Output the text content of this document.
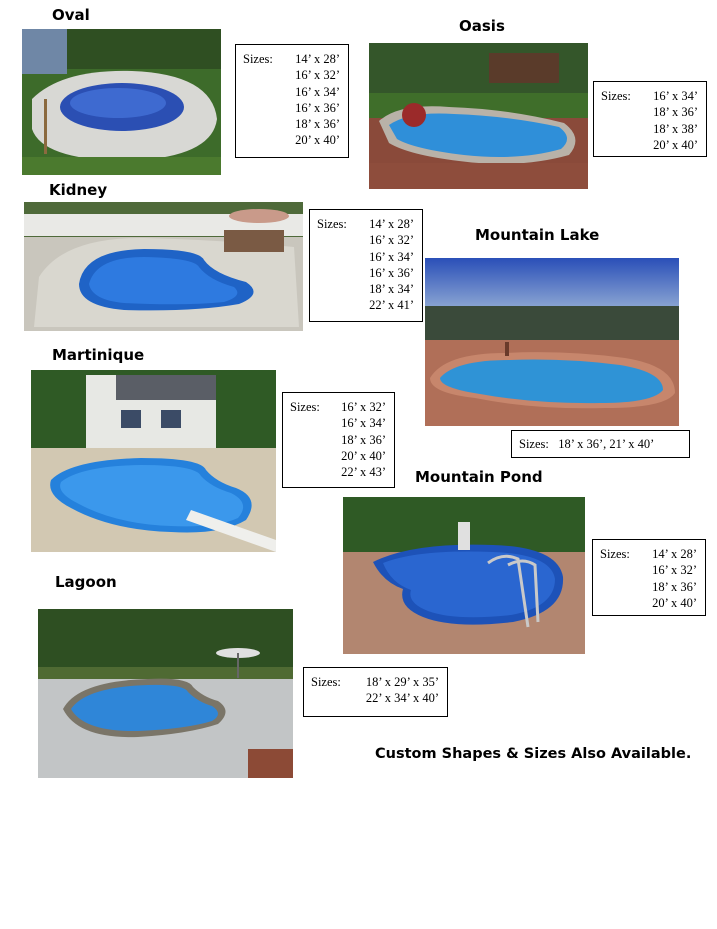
Oval
Sizes: 14’ x 28’
16’ x 32’
16’ x 34’
16’ x 36’
18’ x 36’
20’ x 40’
Oasis
Sizes: 16’ x 34’
18’ x 36’
18’ x 38’
20’ x 40’
Kidney
Sizes: 14’ x 28’
16’ x 32’
16’ x 34’
16’ x 36’
18’ x 34’
22’ x 41’
Mountain Lake
Sizes: 18’ x 36’, 21’ x 40’
Martinique
Sizes: 16’ x 32’
16’ x 34’
18’ x 36’
20’ x 40’
22’ x 43’ Mountain Pond
Sizes: 14’ x 28’
16’ x 32’
18’ x 36’
20’ x 40’
Lagoon
Sizes: 18’ x 29’ x 35’
22’ x 34’ x 40’
Custom Shapes & Sizes Also Available.
